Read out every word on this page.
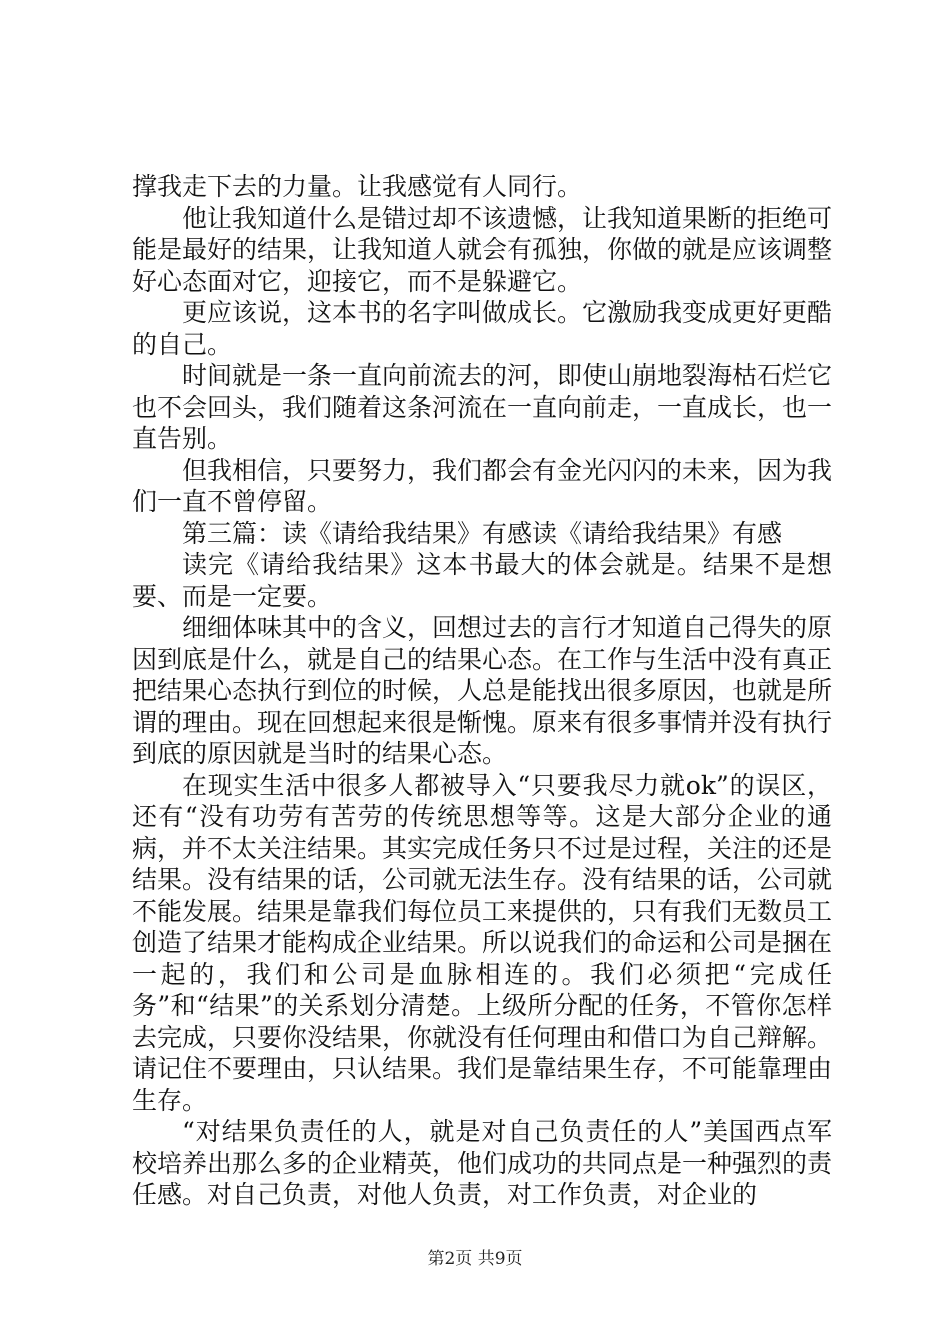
撑我走下去的力量。让我感觉有人同行。

他让我知道什么是错过却不该遗憾，让我知道果断的拒绝可能是最好的结果，让我知道人就会有孤独，你做的就是应该调整好心态面对它，迎接它，而不是躲避它。

更应该说，这本书的名字叫做成长。它激励我变成更好更酷的自己。

时间就是一条一直向前流去的河，即使山崩地裂海枯石烂它也不会回头，我们随着这条河流在一直向前走，一直成长，也一直告别。

但我相信，只要努力，我们都会有金光闪闪的未来，因为我们一直不曾停留。

第三篇：读《请给我结果》有感读《请给我结果》有感

读完《请给我结果》这本书最大的体会就是。结果不是想要、而是一定要。

细细体味其中的含义，回想过去的言行才知道自己得失的原因到底是什么，就是自己的结果心态。在工作与生活中没有真正把结果心态执行到位的时候，人总是能找出很多原因，也就是所谓的理由。现在回想起来很是惭愧。原来有很多事情并没有执行到底的原因就是当时的结果心态。

在现实生活中很多人都被导入“只要我尽力就ok”的误区，还有“没有功劳有苦劳的传统思想等等。这是大部分企业的通病，并不太关注结果。其实完成任务只不过是过程，关注的还是结果。没有结果的话，公司就无法生存。没有结果的话，公司就不能发展。结果是靠我们每位员工来提供的，只有我们无数员工创造了结果才能构成企业结果。所以说我们的命运和公司是捆在一起的，我们和公司是血脉相连的。我们必须把“完成任务”和“结果”的关系划分清楚。上级所分配的任务，不管你怎样去完成，只要你没结果，你就没有任何理由和借口为自己辩解。请记住不要理由，只认结果。我们是靠结果生存，不可能靠理由生存。

“对结果负责任的人，就是对自己负责任的人”美国西点军校培养出那么多的企业精英，他们成功的共同点是一种强烈的责任感。对自己负责，对他人负责，对工作负责，对企业的

第2页 共9页
